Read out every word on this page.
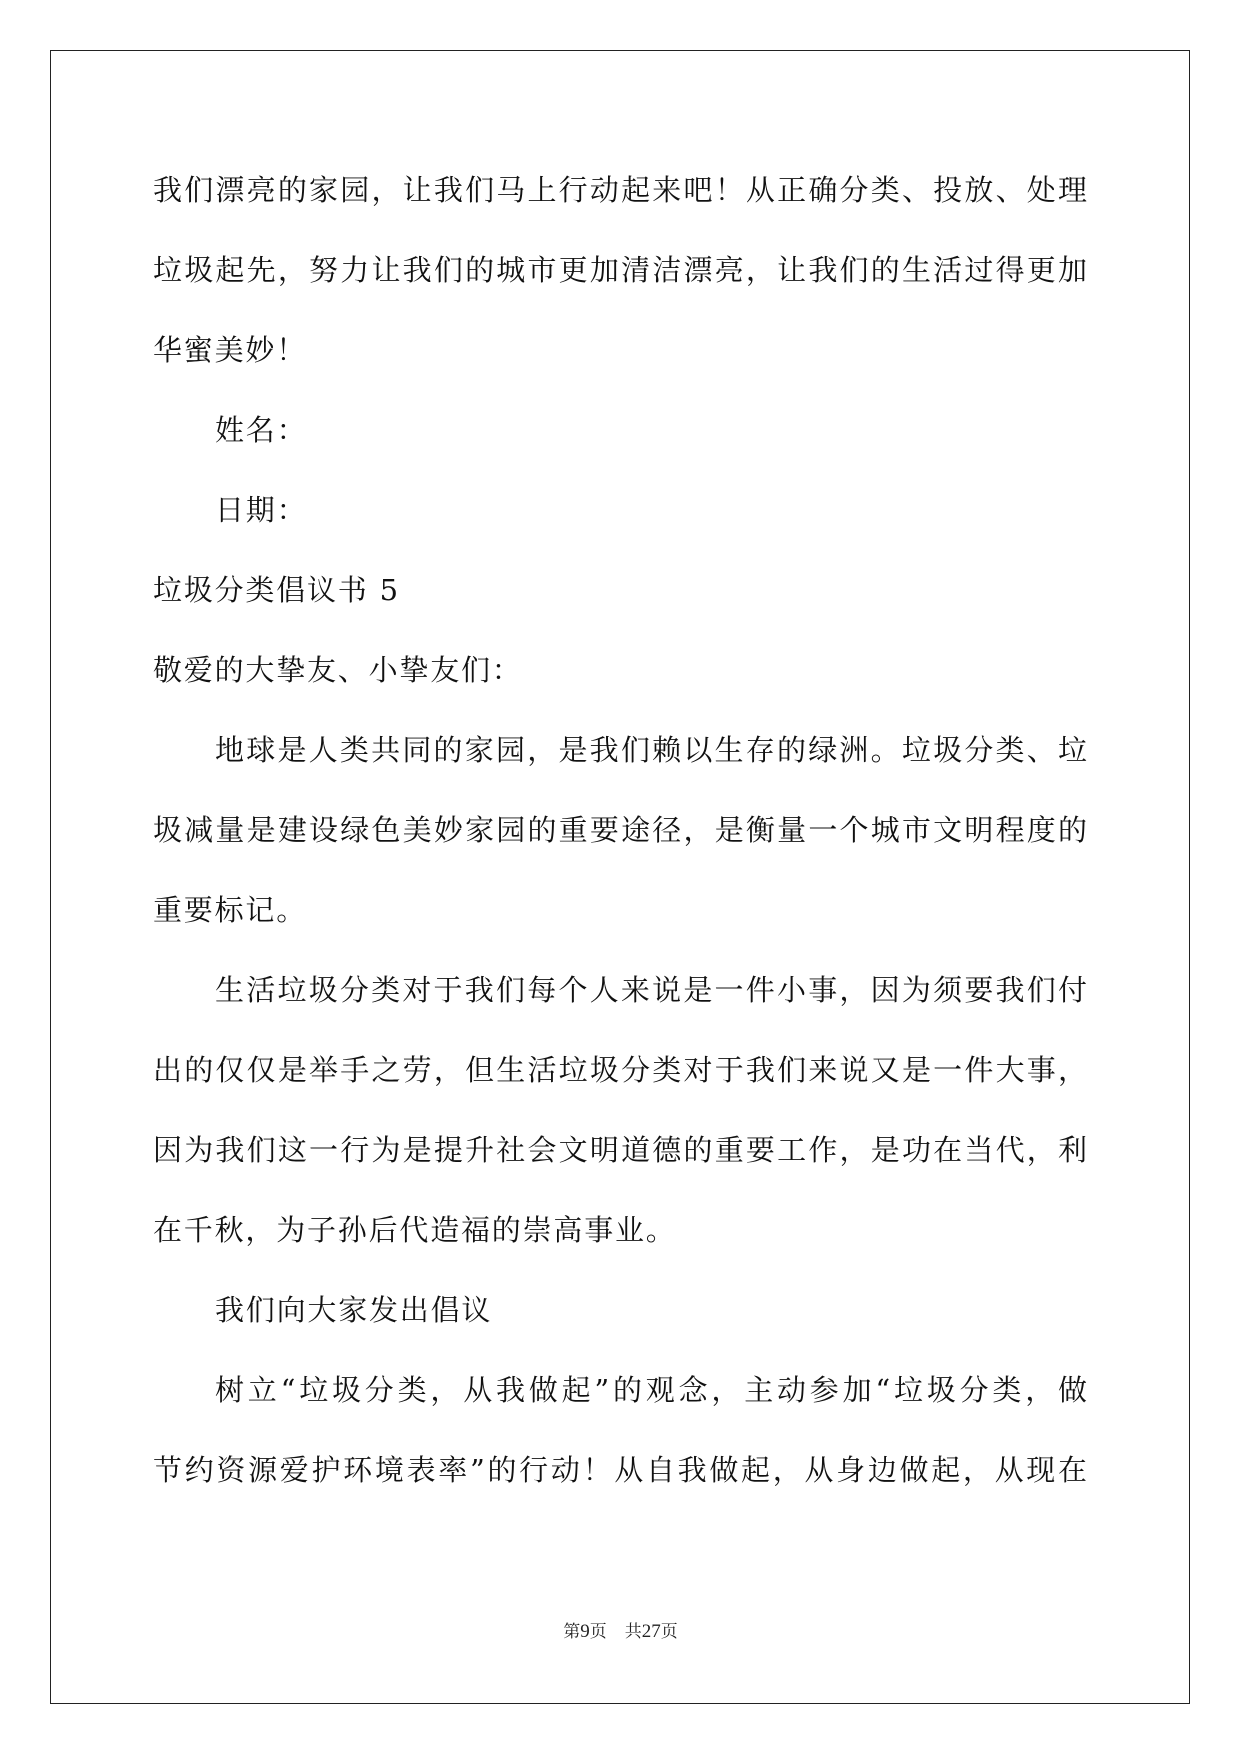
我们漂亮的家园，让我们马上行动起来吧！从正确分类、投放、处理
垃圾起先，努力让我们的城市更加清洁漂亮，让我们的生活过得更加
华蜜美妙！
姓名：
日期：
垃圾分类倡议书 5
敬爱的大挚友、小挚友们：
地球是人类共同的家园，是我们赖以生存的绿洲。垃圾分类、垃
圾减量是建设绿色美妙家园的重要途径，是衡量一个城市文明程度的
重要标记。
生活垃圾分类对于我们每个人来说是一件小事，因为须要我们付
出的仅仅是举手之劳，但生活垃圾分类对于我们来说又是一件大事，
因为我们这一行为是提升社会文明道德的重要工作，是功在当代，利
在千秋，为子孙后代造福的崇高事业。
我们向大家发出倡议
树立“垃圾分类，从我做起”的观念，主动参加“垃圾分类，做
节约资源爱护环境表率”的行动！从自我做起，从身边做起，从现在
第9页 共27页
